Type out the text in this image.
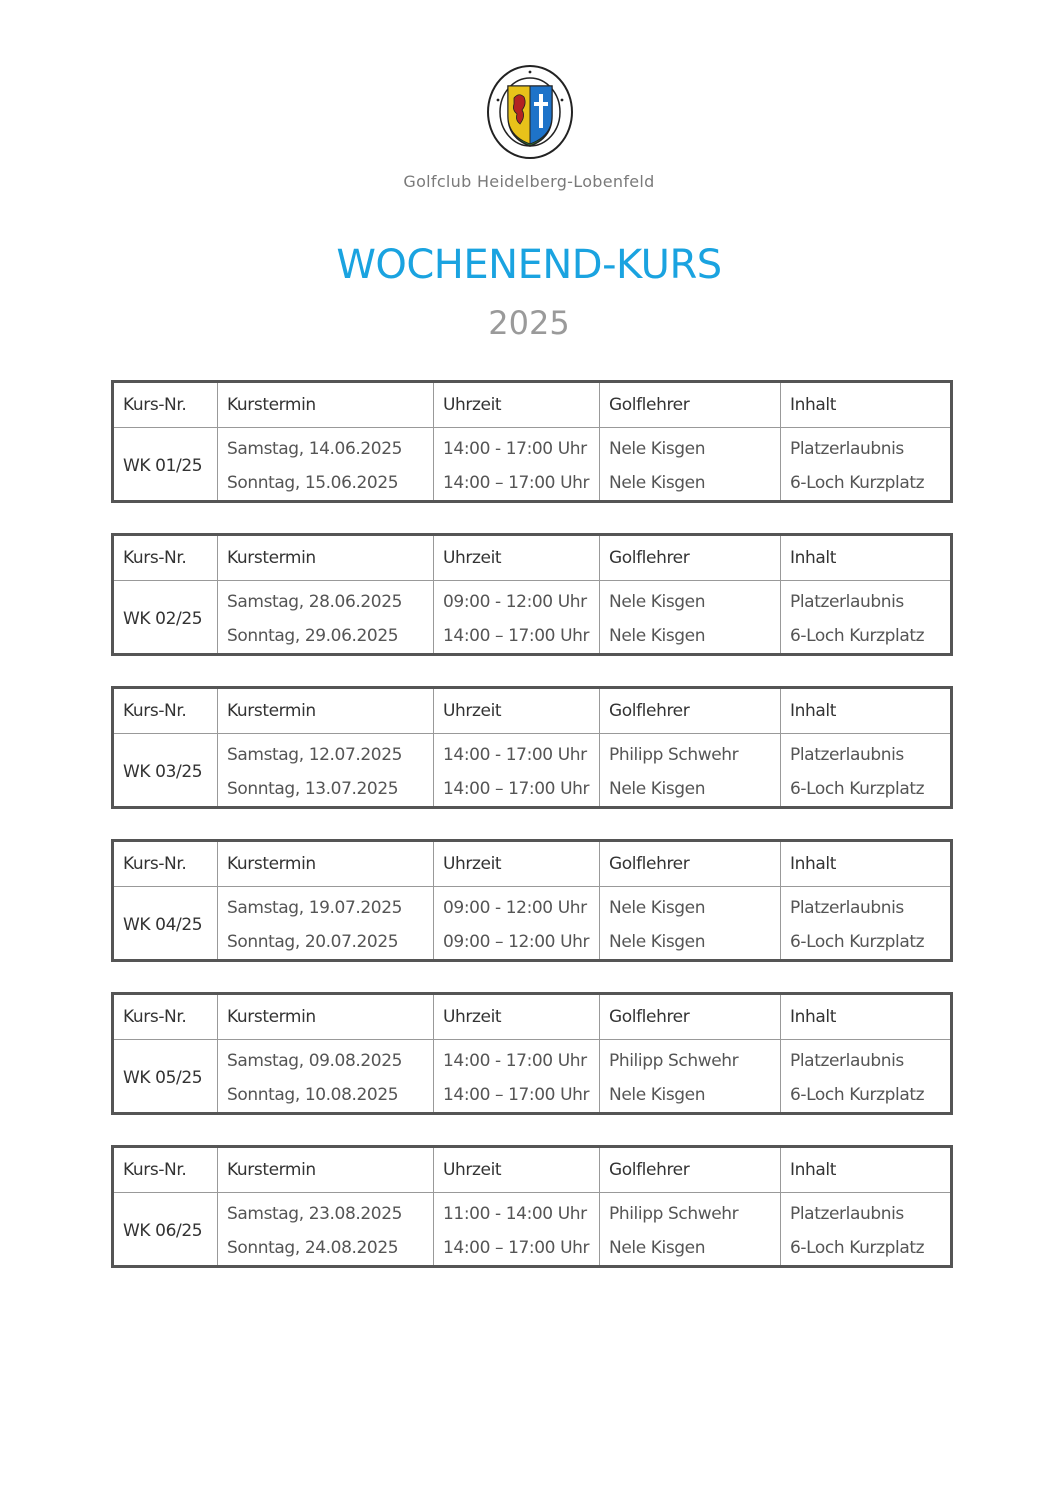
Golfclub Heidelberg-Lobenfeld
WOCHENEND-KURS
2025
Kurs-Nr.	Kurstermin	Uhrzeit	Golflehrer	Inhalt
WK 01/25	Samstag, 14.06.2025	14:00 - 17:00 Uhr	Nele Kisgen	Platzerlaubnis
	Sonntag, 15.06.2025	14:00 – 17:00 Uhr	Nele Kisgen	6-Loch Kurzplatz
Kurs-Nr.	Kurstermin	Uhrzeit	Golflehrer	Inhalt
WK 02/25	Samstag, 28.06.2025	09:00 - 12:00 Uhr	Nele Kisgen	Platzerlaubnis
	Sonntag, 29.06.2025	14:00 – 17:00 Uhr	Nele Kisgen	6-Loch Kurzplatz
Kurs-Nr.	Kurstermin	Uhrzeit	Golflehrer	Inhalt
WK 03/25	Samstag, 12.07.2025	14:00 - 17:00 Uhr	Philipp Schwehr	Platzerlaubnis
	Sonntag, 13.07.2025	14:00 – 17:00 Uhr	Nele Kisgen	6-Loch Kurzplatz
Kurs-Nr.	Kurstermin	Uhrzeit	Golflehrer	Inhalt
WK 04/25	Samstag, 19.07.2025	09:00 - 12:00 Uhr	Nele Kisgen	Platzerlaubnis
	Sonntag, 20.07.2025	09:00 – 12:00 Uhr	Nele Kisgen	6-Loch Kurzplatz
Kurs-Nr.	Kurstermin	Uhrzeit	Golflehrer	Inhalt
WK 05/25	Samstag, 09.08.2025	14:00 - 17:00 Uhr	Philipp Schwehr	Platzerlaubnis
	Sonntag, 10.08.2025	14:00 – 17:00 Uhr	Nele Kisgen	6-Loch Kurzplatz
Kurs-Nr.	Kurstermin	Uhrzeit	Golflehrer	Inhalt
WK 06/25	Samstag, 23.08.2025	11:00 - 14:00 Uhr	Philipp Schwehr	Platzerlaubnis
	Sonntag, 24.08.2025	14:00 – 17:00 Uhr	Nele Kisgen	6-Loch Kurzplatz
